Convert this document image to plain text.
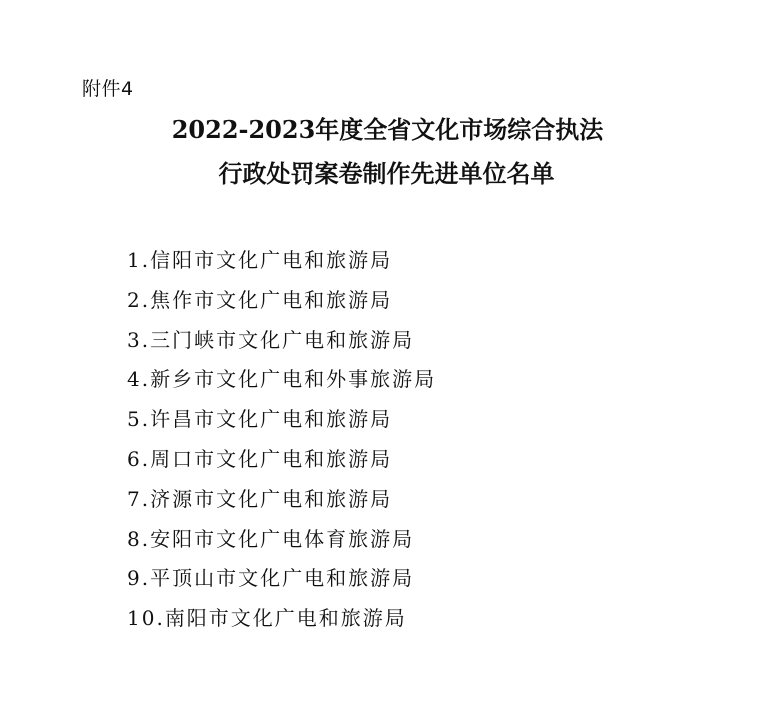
附件4
2022-2023年度全省文化市场综合执法
行政处罚案卷制作先进单位名单
1.信阳市文化广电和旅游局
2.焦作市文化广电和旅游局
3.三门峡市文化广电和旅游局
4.新乡市文化广电和外事旅游局
5.许昌市文化广电和旅游局
6.周口市文化广电和旅游局
7.济源市文化广电和旅游局
8.安阳市文化广电体育旅游局
9.平顶山市文化广电和旅游局
10.南阳市文化广电和旅游局
